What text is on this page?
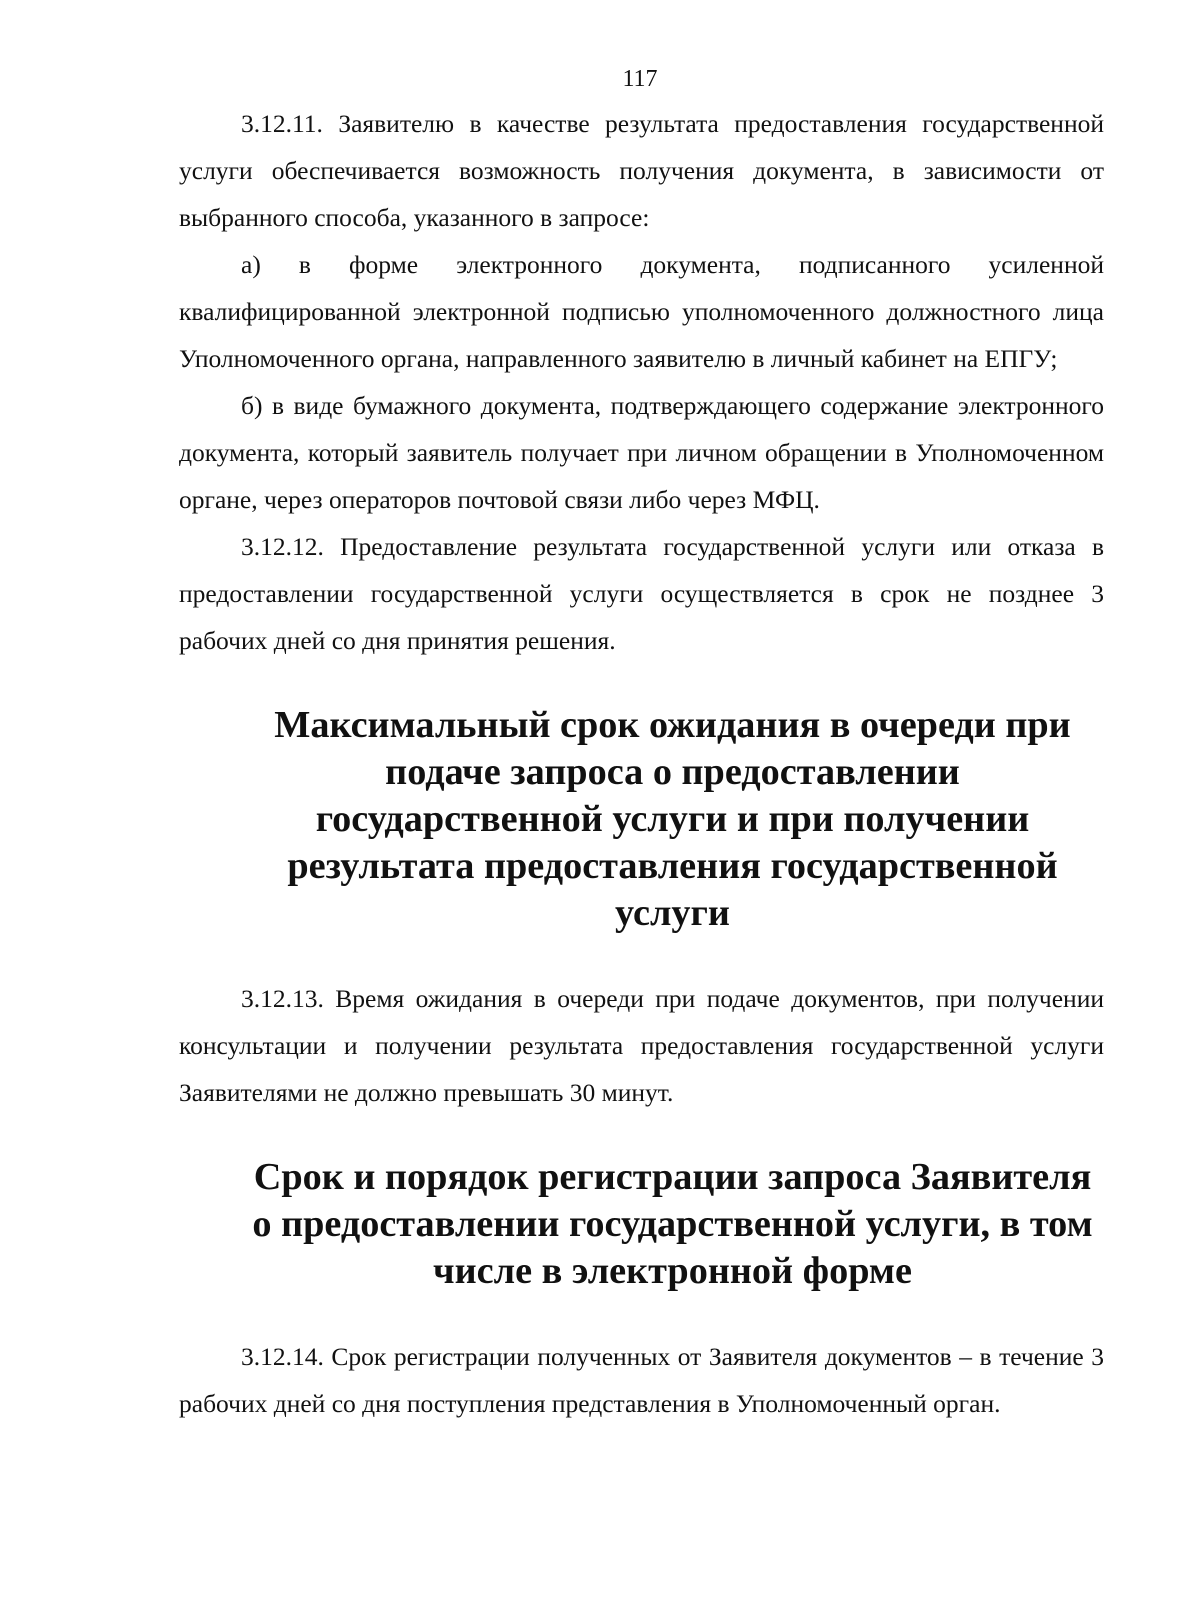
117

3.12.11. Заявителю в качестве результата предоставления государственной услуги обеспечивается возможность получения документа, в зависимости от выбранного способа, указанного в запросе:

а) в форме электронного документа, подписанного усиленной квалифицированной электронной подписью уполномоченного должностного лица Уполномоченного органа, направленного заявителю в личный кабинет на ЕПГУ;

б) в виде бумажного документа, подтверждающего содержание электронного документа, который заявитель получает при личном обращении в Уполномоченном органе, через операторов почтовой связи либо через МФЦ.

3.12.12. Предоставление результата государственной услуги или отказа в предоставлении государственной услуги осуществляется в срок не позднее 3 рабочих дней со дня принятия решения.

Максимальный срок ожидания в очереди при подаче запроса о предоставлении государственной услуги и при получении результата предоставления государственной услуги

3.12.13. Время ожидания в очереди при подаче документов, при получении консультации и получении результата предоставления государственной услуги Заявителями не должно превышать 30 минут.

Срок и порядок регистрации запроса Заявителя о предоставлении государственной услуги, в том числе в электронной форме

3.12.14. Срок регистрации полученных от Заявителя документов – в течение 3 рабочих дней со дня поступления представления в Уполномоченный орган.
